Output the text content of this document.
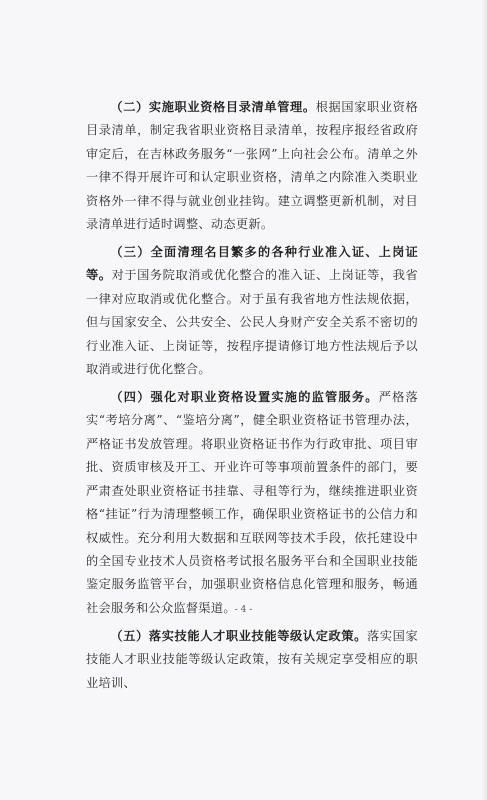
（二）实施职业资格目录清单管理。根据国家职业资格目录清单，制定我省职业资格目录清单，按程序报经省政府审定后，在吉林政务服务“一张网”上向社会公布。清单之外一律不得开展许可和认定职业资格，清单之内除准入类职业资格外一律不得与就业创业挂钩。建立调整更新机制，对目录清单进行适时调整、动态更新。

（三）全面清理名目繁多的各种行业准入证、上岗证等。对于国务院取消或优化整合的准入证、上岗证等，我省一律对应取消或优化整合。对于虽有我省地方性法规依据，但与国家安全、公共安全、公民人身财产安全关系不密切的行业准入证、上岗证等，按程序提请修订地方性法规后予以取消或进行优化整合。

（四）强化对职业资格设置实施的监管服务。严格落实“考培分离”、“鉴培分离”，健全职业资格证书管理办法，严格证书发放管理。将职业资格证书作为行政审批、项目审批、资质审核及开工、开业许可等事项前置条件的部门，要严肃查处职业资格证书挂靠、寻租等行为，继续推进职业资格“挂证”行为清理整顿工作，确保职业资格证书的公信力和权威性。充分利用大数据和互联网等技术手段，依托建设中的全国专业技术人员资格考试报名服务平台和全国职业技能鉴定服务监管平台，加强职业资格信息化管理和服务，畅通社会服务和公众监督渠道。

（五）落实技能人才职业技能等级认定政策。落实国家技能人才职业技能等级认定政策，按有关规定享受相应的职业培训、

- 4 -
